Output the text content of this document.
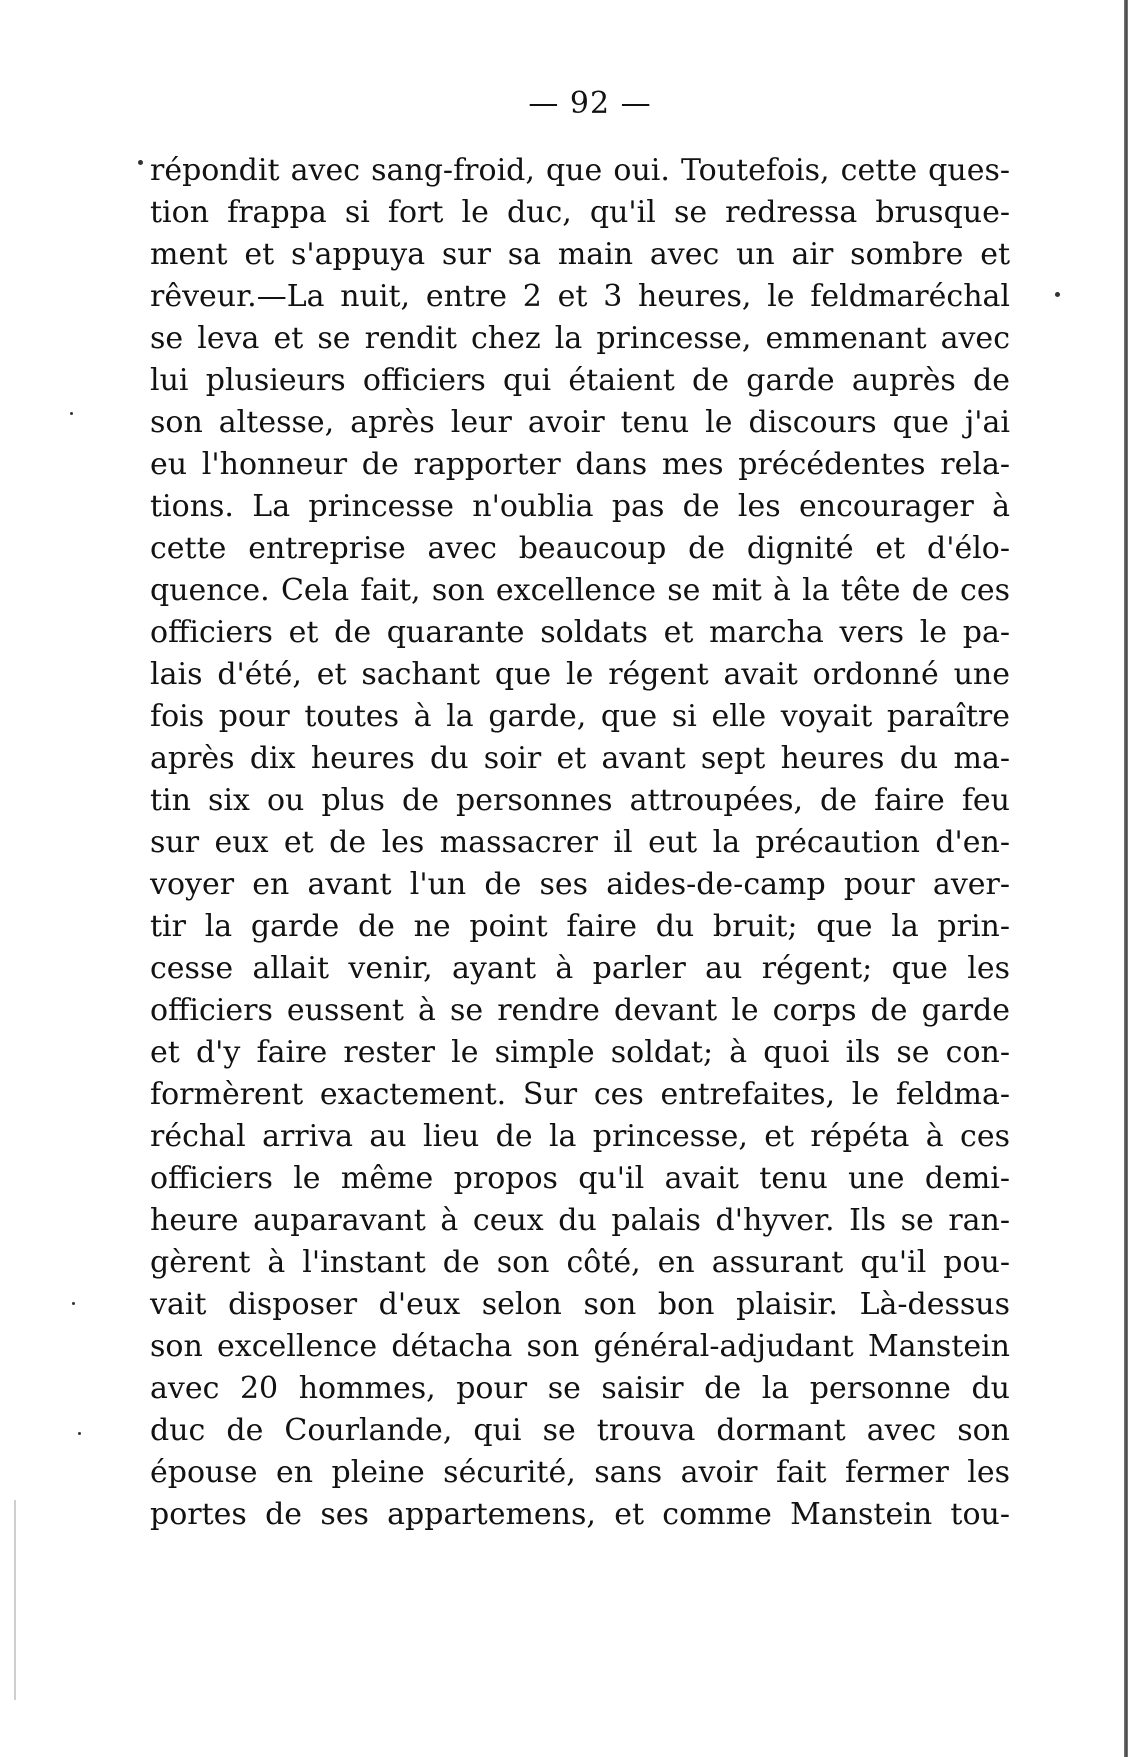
— 92 —
répondit avec sang-froid, que oui. Toutefois, cette ques-
tion frappa si fort le duc, qu'il se redressa brusque-
ment et s'appuya sur sa main avec un air sombre et
rêveur.—La nuit, entre 2 et 3 heures, le feldmaréchal
se leva et se rendit chez la princesse, emmenant avec
lui plusieurs officiers qui étaient de garde auprès de
son altesse, après leur avoir tenu le discours que j'ai
eu l'honneur de rapporter dans mes précédentes rela-
tions. La princesse n'oublia pas de les encourager à
cette entreprise avec beaucoup de dignité et d'élo-
quence. Cela fait, son excellence se mit à la tête de ces
officiers et de quarante soldats et marcha vers le pa-
lais d'été, et sachant que le régent avait ordonné une
fois pour toutes à la garde, que si elle voyait paraître
après dix heures du soir et avant sept heures du ma-
tin six ou plus de personnes attroupées, de faire feu
sur eux et de les massacrer il eut la précaution d'en-
voyer en avant l'un de ses aides-de-camp pour aver-
tir la garde de ne point faire du bruit; que la prin-
cesse allait venir, ayant à parler au régent; que les
officiers eussent à se rendre devant le corps de garde
et d'y faire rester le simple soldat; à quoi ils se con-
formèrent exactement. Sur ces entrefaites, le feldma-
réchal arriva au lieu de la princesse, et répéta à ces
officiers le même propos qu'il avait tenu une demi-
heure auparavant à ceux du palais d'hyver. Ils se ran-
gèrent à l'instant de son côté, en assurant qu'il pou-
vait disposer d'eux selon son bon plaisir. Là-dessus
son excellence détacha son général-adjudant Manstein
avec 20 hommes, pour se saisir de la personne du
duc de Courlande, qui se trouva dormant avec son
épouse en pleine sécurité, sans avoir fait fermer les
portes de ses appartemens, et comme Manstein tou-
